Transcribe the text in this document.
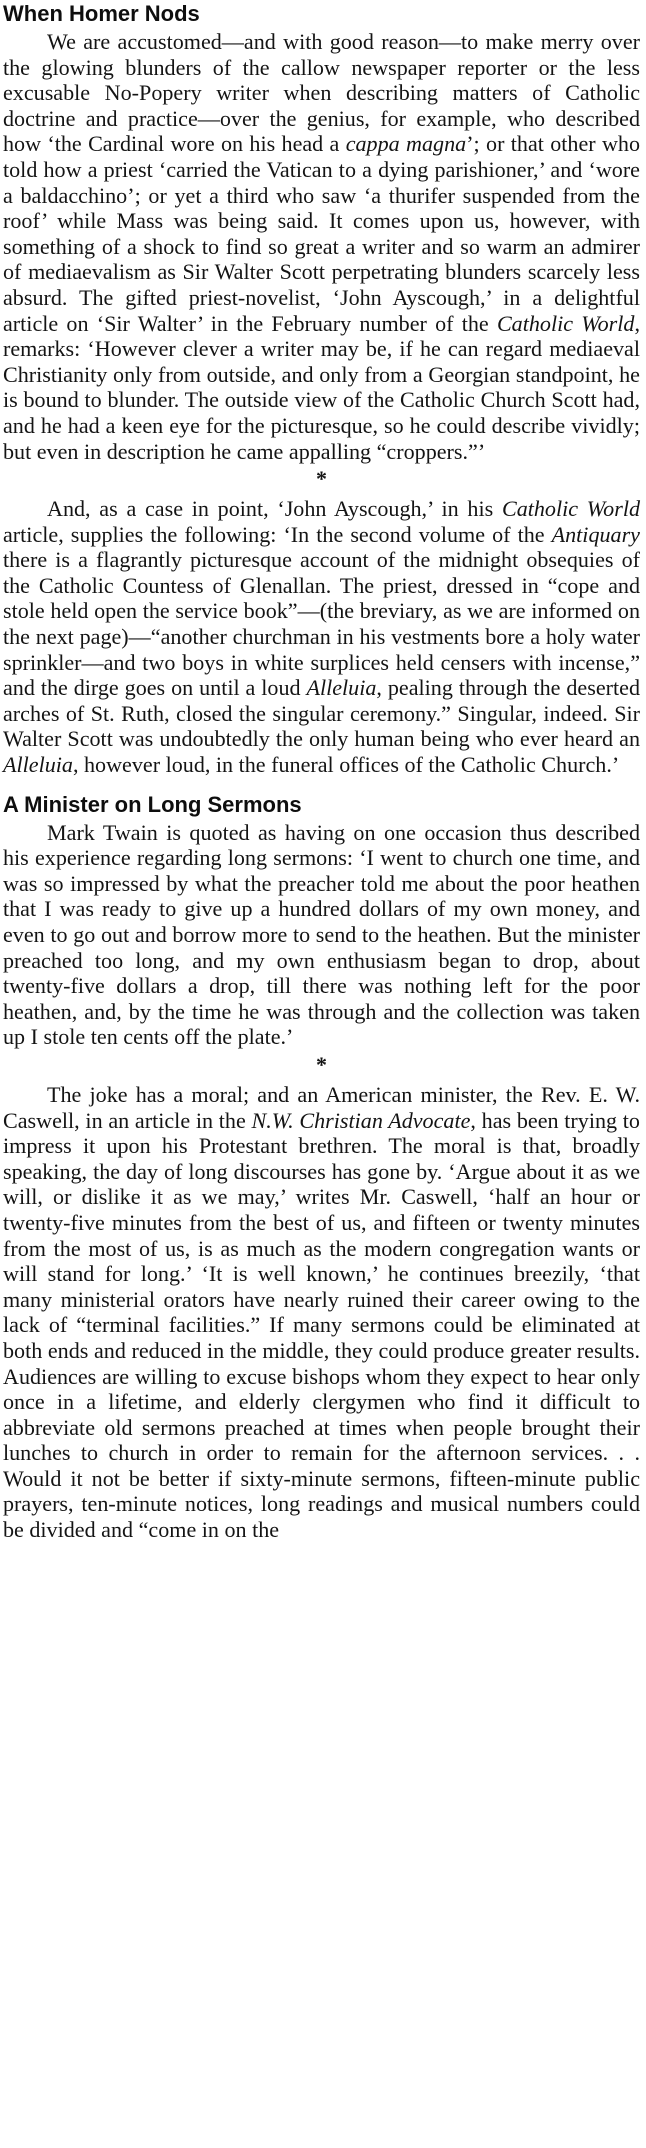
When Homer Nods

We are accustomed—and with good reason—to make merry over the glowing blunders of the callow newspaper reporter or the less excusable No-Popery writer when describing matters of Catholic doctrine and practice—over the genius, for example, who described how ‘the Cardinal wore on his head a cappa magna’; or that other who told how a priest ‘carried the Vatican to a dying parishioner,’ and ‘wore a baldacchino’; or yet a third who saw ‘a thurifer suspended from the roof’ while Mass was being said. It comes upon us, however, with something of a shock to find so great a writer and so warm an admirer of mediaevalism as Sir Walter Scott perpetrating blunders scarcely less absurd. The gifted priest-novelist, ‘John Ayscough,’ in a delightful article on ‘Sir Walter’ in the February number of the Catholic World, remarks: ‘However clever a writer may be, if he can regard mediaeval Christianity only from outside, and only from a Georgian standpoint, he is bound to blunder. The outside view of the Catholic Church Scott had, and he had a keen eye for the picturesque, so he could describe vividly; but even in description he came appalling “croppers.”’

*

And, as a case in point, ‘John Ayscough,’ in his Catholic World article, supplies the following: ‘In the second volume of the Antiquary there is a flagrantly picturesque account of the midnight obsequies of the Catholic Countess of Glenallan. The priest, dressed in “cope and stole held open the service book”—(the breviary, as we are informed on the next page)—“another churchman in his vestments bore a holy water sprinkler—and two boys in white surplices held censers with incense,” and the dirge goes on until a loud Alleluia, pealing through the deserted arches of St. Ruth, closed the singular ceremony.” Singular, indeed. Sir Walter Scott was undoubtedly the only human being who ever heard an Alleluia, however loud, in the funeral offices of the Catholic Church.’

A Minister on Long Sermons

Mark Twain is quoted as having on one occasion thus described his experience regarding long sermons: ‘I went to church one time, and was so impressed by what the preacher told me about the poor heathen that I was ready to give up a hundred dollars of my own money, and even to go out and borrow more to send to the heathen. But the minister preached too long, and my own enthusiasm began to drop, about twenty-five dollars a drop, till there was nothing left for the poor heathen, and, by the time he was through and the collection was taken up I stole ten cents off the plate.’

*

The joke has a moral; and an American minister, the Rev. E. W. Caswell, in an article in the N.W. Christian Advocate, has been trying to impress it upon his Protestant brethren. The moral is that, broadly speaking, the day of long discourses has gone by. ‘Argue about it as we will, or dislike it as we may,’ writes Mr. Caswell, ‘half an hour or twenty-five minutes from the best of us, and fifteen or twenty minutes from the most of us, is as much as the modern congregation wants or will stand for long.’ ‘It is well known,’ he continues breezily, ‘that many ministerial orators have nearly ruined their career owing to the lack of “terminal facilities.” If many sermons could be eliminated at both ends and reduced in the middle, they could produce greater results. Audiences are willing to excuse bishops whom they expect to hear only once in a lifetime, and elderly clergymen who find it difficult to abbreviate old sermons preached at times when people brought their lunches to church in order to remain for the afternoon services. . . Would it not be better if sixty-minute sermons, fifteen-minute public prayers, ten-minute notices, long readings and musical numbers could be divided and “come in on the
